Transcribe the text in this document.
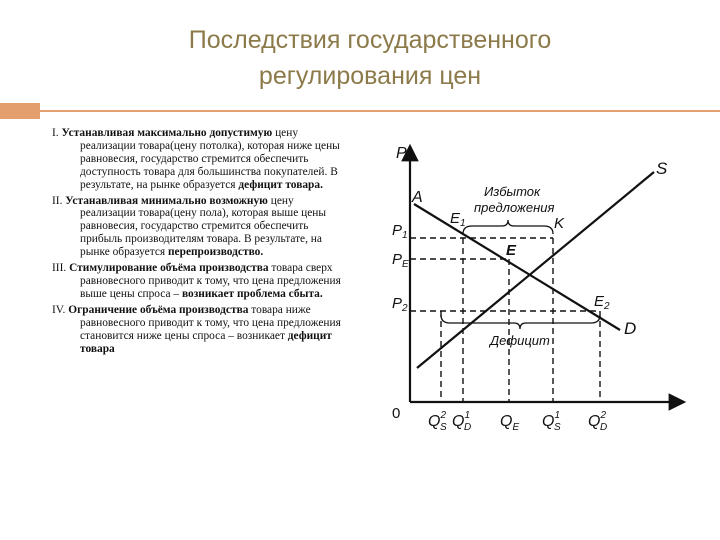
Последствия государственного
регулирования цен
I. Устанавливая максимально допустимую цену реализации товара(цену потолка), которая ниже цены равновесия, государство стремится обеспечить доступность товара для большинства покупателей. В результате, на рынке образуется дефицит товара.
II. Устанавливая минимально возможную цену реализации товара(цену пола), которая выше цены равновесия, государство стремится обеспечить прибыль производителям товара. В результате, на рынке образуется перепроизводство.
III. Стимулирование объёма производства товара сверх равновесного приводит к тому, что цена предложения выше цены спроса – возникает проблема сбыта.
IV. Ограничение объёма производства товара ниже равновесного приводит к тому, что цена предложения становится ниже цены спроса – возникает дефицит товара
P
0
S
D
A
$E_1$	K
E
$E_2$
Избыток
предложения
Дефицит
$P_1$
$P_E$
$P_2$
$Q^2$ S $Q^1$ D $Q_E$ $Q^1$ S $Q^2$ D
